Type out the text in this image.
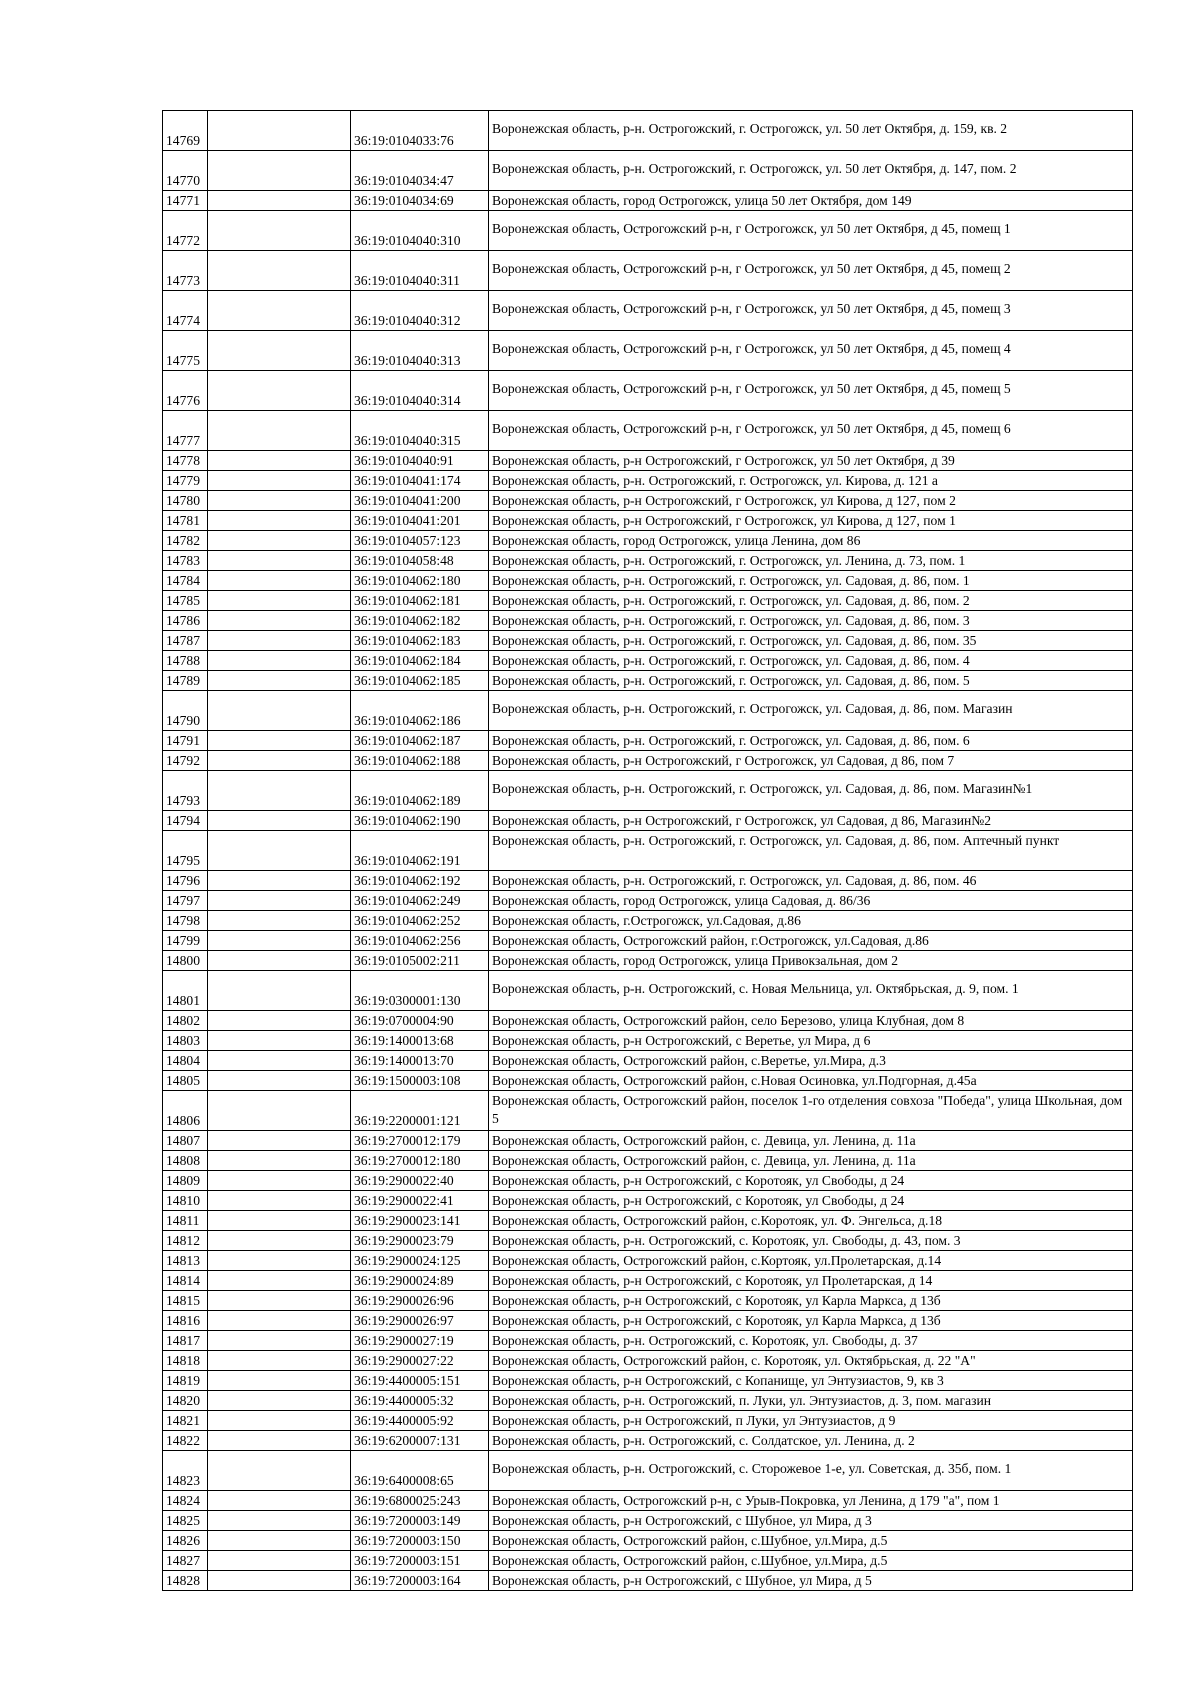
14769		36:19:0104033:76	Воронежская область, р-н. Острогожский, г. Острогожск, ул. 50 лет Октября, д. 159, кв. 2
14770		36:19:0104034:47	Воронежская область, р-н. Острогожский, г. Острогожск, ул. 50 лет Октября, д. 147, пом. 2
14771		36:19:0104034:69	Воронежская область, город Острогожск, улица 50 лет Октября, дом 149
14772		36:19:0104040:310	Воронежская область, Острогожский р-н, г Острогожск, ул 50 лет Октября, д 45, помещ 1
14773		36:19:0104040:311	Воронежская область, Острогожский р-н, г Острогожск, ул 50 лет Октября, д 45, помещ 2
14774		36:19:0104040:312	Воронежская область, Острогожский р-н, г Острогожск, ул 50 лет Октября, д 45, помещ 3
14775		36:19:0104040:313	Воронежская область, Острогожский р-н, г Острогожск, ул 50 лет Октября, д 45, помещ 4
14776		36:19:0104040:314	Воронежская область, Острогожский р-н, г Острогожск, ул 50 лет Октября, д 45, помещ 5
14777		36:19:0104040:315	Воронежская область, Острогожский р-н, г Острогожск, ул 50 лет Октября, д 45, помещ 6
14778		36:19:0104040:91	Воронежская область, р-н Острогожский, г Острогожск, ул 50 лет Октября, д 39
14779		36:19:0104041:174	Воронежская область, р-н. Острогожский, г. Острогожск, ул. Кирова, д. 121 а
14780		36:19:0104041:200	Воронежская область, р-н Острогожский, г Острогожск, ул Кирова, д 127, пом 2
14781		36:19:0104041:201	Воронежская область, р-н Острогожский, г Острогожск, ул Кирова, д 127, пом 1
14782		36:19:0104057:123	Воронежская область, город Острогожск, улица Ленина, дом 86
14783		36:19:0104058:48	Воронежская область, р-н. Острогожский, г. Острогожск, ул. Ленина, д. 73, пом. 1
14784		36:19:0104062:180	Воронежская область, р-н. Острогожский, г. Острогожск, ул. Садовая, д. 86, пом. 1
14785		36:19:0104062:181	Воронежская область, р-н. Острогожский, г. Острогожск, ул. Садовая, д. 86, пом. 2
14786		36:19:0104062:182	Воронежская область, р-н. Острогожский, г. Острогожск, ул. Садовая, д. 86, пом. 3
14787		36:19:0104062:183	Воронежская область, р-н. Острогожский, г. Острогожск, ул. Садовая, д. 86, пом. 35
14788		36:19:0104062:184	Воронежская область, р-н. Острогожский, г. Острогожск, ул. Садовая, д. 86, пом. 4
14789		36:19:0104062:185	Воронежская область, р-н. Острогожский, г. Острогожск, ул. Садовая, д. 86, пом. 5
14790		36:19:0104062:186	Воронежская область, р-н. Острогожский, г. Острогожск, ул. Садовая, д. 86, пом. Магазин
14791		36:19:0104062:187	Воронежская область, р-н. Острогожский, г. Острогожск, ул. Садовая, д. 86, пом. 6
14792		36:19:0104062:188	Воронежская область, р-н Острогожский, г Острогожск, ул Садовая, д 86, пом 7
14793		36:19:0104062:189	Воронежская область, р-н. Острогожский, г. Острогожск, ул. Садовая, д. 86, пом. Магазин№1
14794		36:19:0104062:190	Воронежская область, р-н Острогожский, г Острогожск, ул Садовая, д 86, Магазин№2
14795		36:19:0104062:191	Воронежская область, р-н. Острогожский, г. Острогожск, ул. Садовая, д. 86, пом. Аптечный пункт
14796		36:19:0104062:192	Воронежская область, р-н. Острогожский, г. Острогожск, ул. Садовая, д. 86, пом. 46
14797		36:19:0104062:249	Воронежская область, город Острогожск, улица Садовая, д. 86/36
14798		36:19:0104062:252	Воронежская область, г.Острогожск, ул.Садовая, д.86
14799		36:19:0104062:256	Воронежская область, Острогожский район, г.Острогожск, ул.Садовая, д.86
14800		36:19:0105002:211	Воронежская область, город Острогожск, улица Привокзальная, дом 2
14801		36:19:0300001:130	Воронежская область, р-н. Острогожский, с. Новая Мельница, ул. Октябрьская, д. 9, пом. 1
14802		36:19:0700004:90	Воронежская область, Острогожский район, село Березово, улица Клубная, дом 8
14803		36:19:1400013:68	Воронежская область, р-н Острогожский, с Веретье, ул Мира, д 6
14804		36:19:1400013:70	Воронежская область, Острогожский район, с.Веретье, ул.Мира, д.3
14805		36:19:1500003:108	Воронежская область, Острогожский район, с.Новая Осиновка, ул.Подгорная, д.45а
14806		36:19:2200001:121	Воронежская область, Острогожский район, поселок 1-го отделения совхоза "Победа", улица Школьная, дом 5
14807		36:19:2700012:179	Воронежская область, Острогожский район, с. Девица, ул. Ленина, д. 11а
14808		36:19:2700012:180	Воронежская область, Острогожский район, с. Девица, ул. Ленина, д. 11а
14809		36:19:2900022:40	Воронежская область, р-н Острогожский, с Коротояк, ул Свободы, д 24
14810		36:19:2900022:41	Воронежская область, р-н Острогожский, с Коротояк, ул Свободы, д 24
14811		36:19:2900023:141	Воронежская область, Острогожский район, с.Коротояк, ул. Ф. Энгельса, д.18
14812		36:19:2900023:79	Воронежская область, р-н. Острогожский, с. Коротояк, ул. Свободы, д. 43, пом. 3
14813		36:19:2900024:125	Воронежская область, Острогожский район, с.Кортояк, ул.Пролетарская, д.14
14814		36:19:2900024:89	Воронежская область, р-н Острогожский, с Коротояк, ул Пролетарская, д 14
14815		36:19:2900026:96	Воронежская область, р-н Острогожский, с Коротояк, ул Карла Маркса, д 13б
14816		36:19:2900026:97	Воронежская область, р-н Острогожский, с Коротояк, ул Карла Маркса, д 13б
14817		36:19:2900027:19	Воронежская область, р-н. Острогожский, с. Коротояк, ул. Свободы, д. 37
14818		36:19:2900027:22	Воронежская область, Острогожский район, с. Коротояк, ул. Октябрьская, д. 22 "А"
14819		36:19:4400005:151	Воронежская область, р-н Острогожский, с Копанище, ул Энтузиастов, 9, кв 3
14820		36:19:4400005:32	Воронежская область, р-н. Острогожский, п. Луки, ул. Энтузиастов, д. 3, пом. магазин
14821		36:19:4400005:92	Воронежская область, р-н Острогожский, п Луки, ул Энтузиастов, д 9
14822		36:19:6200007:131	Воронежская область, р-н. Острогожский, с. Солдатское, ул. Ленина, д. 2
14823		36:19:6400008:65	Воронежская область, р-н. Острогожский, с. Сторожевое 1-е, ул. Советская, д. 35б, пом. 1
14824		36:19:6800025:243	Воронежская область, Острогожский р-н, с Урыв-Покровка, ул Ленина, д 179 "а", пом 1
14825		36:19:7200003:149	Воронежская область, р-н Острогожский, с Шубное, ул Мира, д 3
14826		36:19:7200003:150	Воронежская область, Острогожский район, с.Шубное, ул.Мира, д.5
14827		36:19:7200003:151	Воронежская область, Острогожский район, с.Шубное, ул.Мира, д.5
14828		36:19:7200003:164	Воронежская область, р-н Острогожский, с Шубное, ул Мира, д 5
